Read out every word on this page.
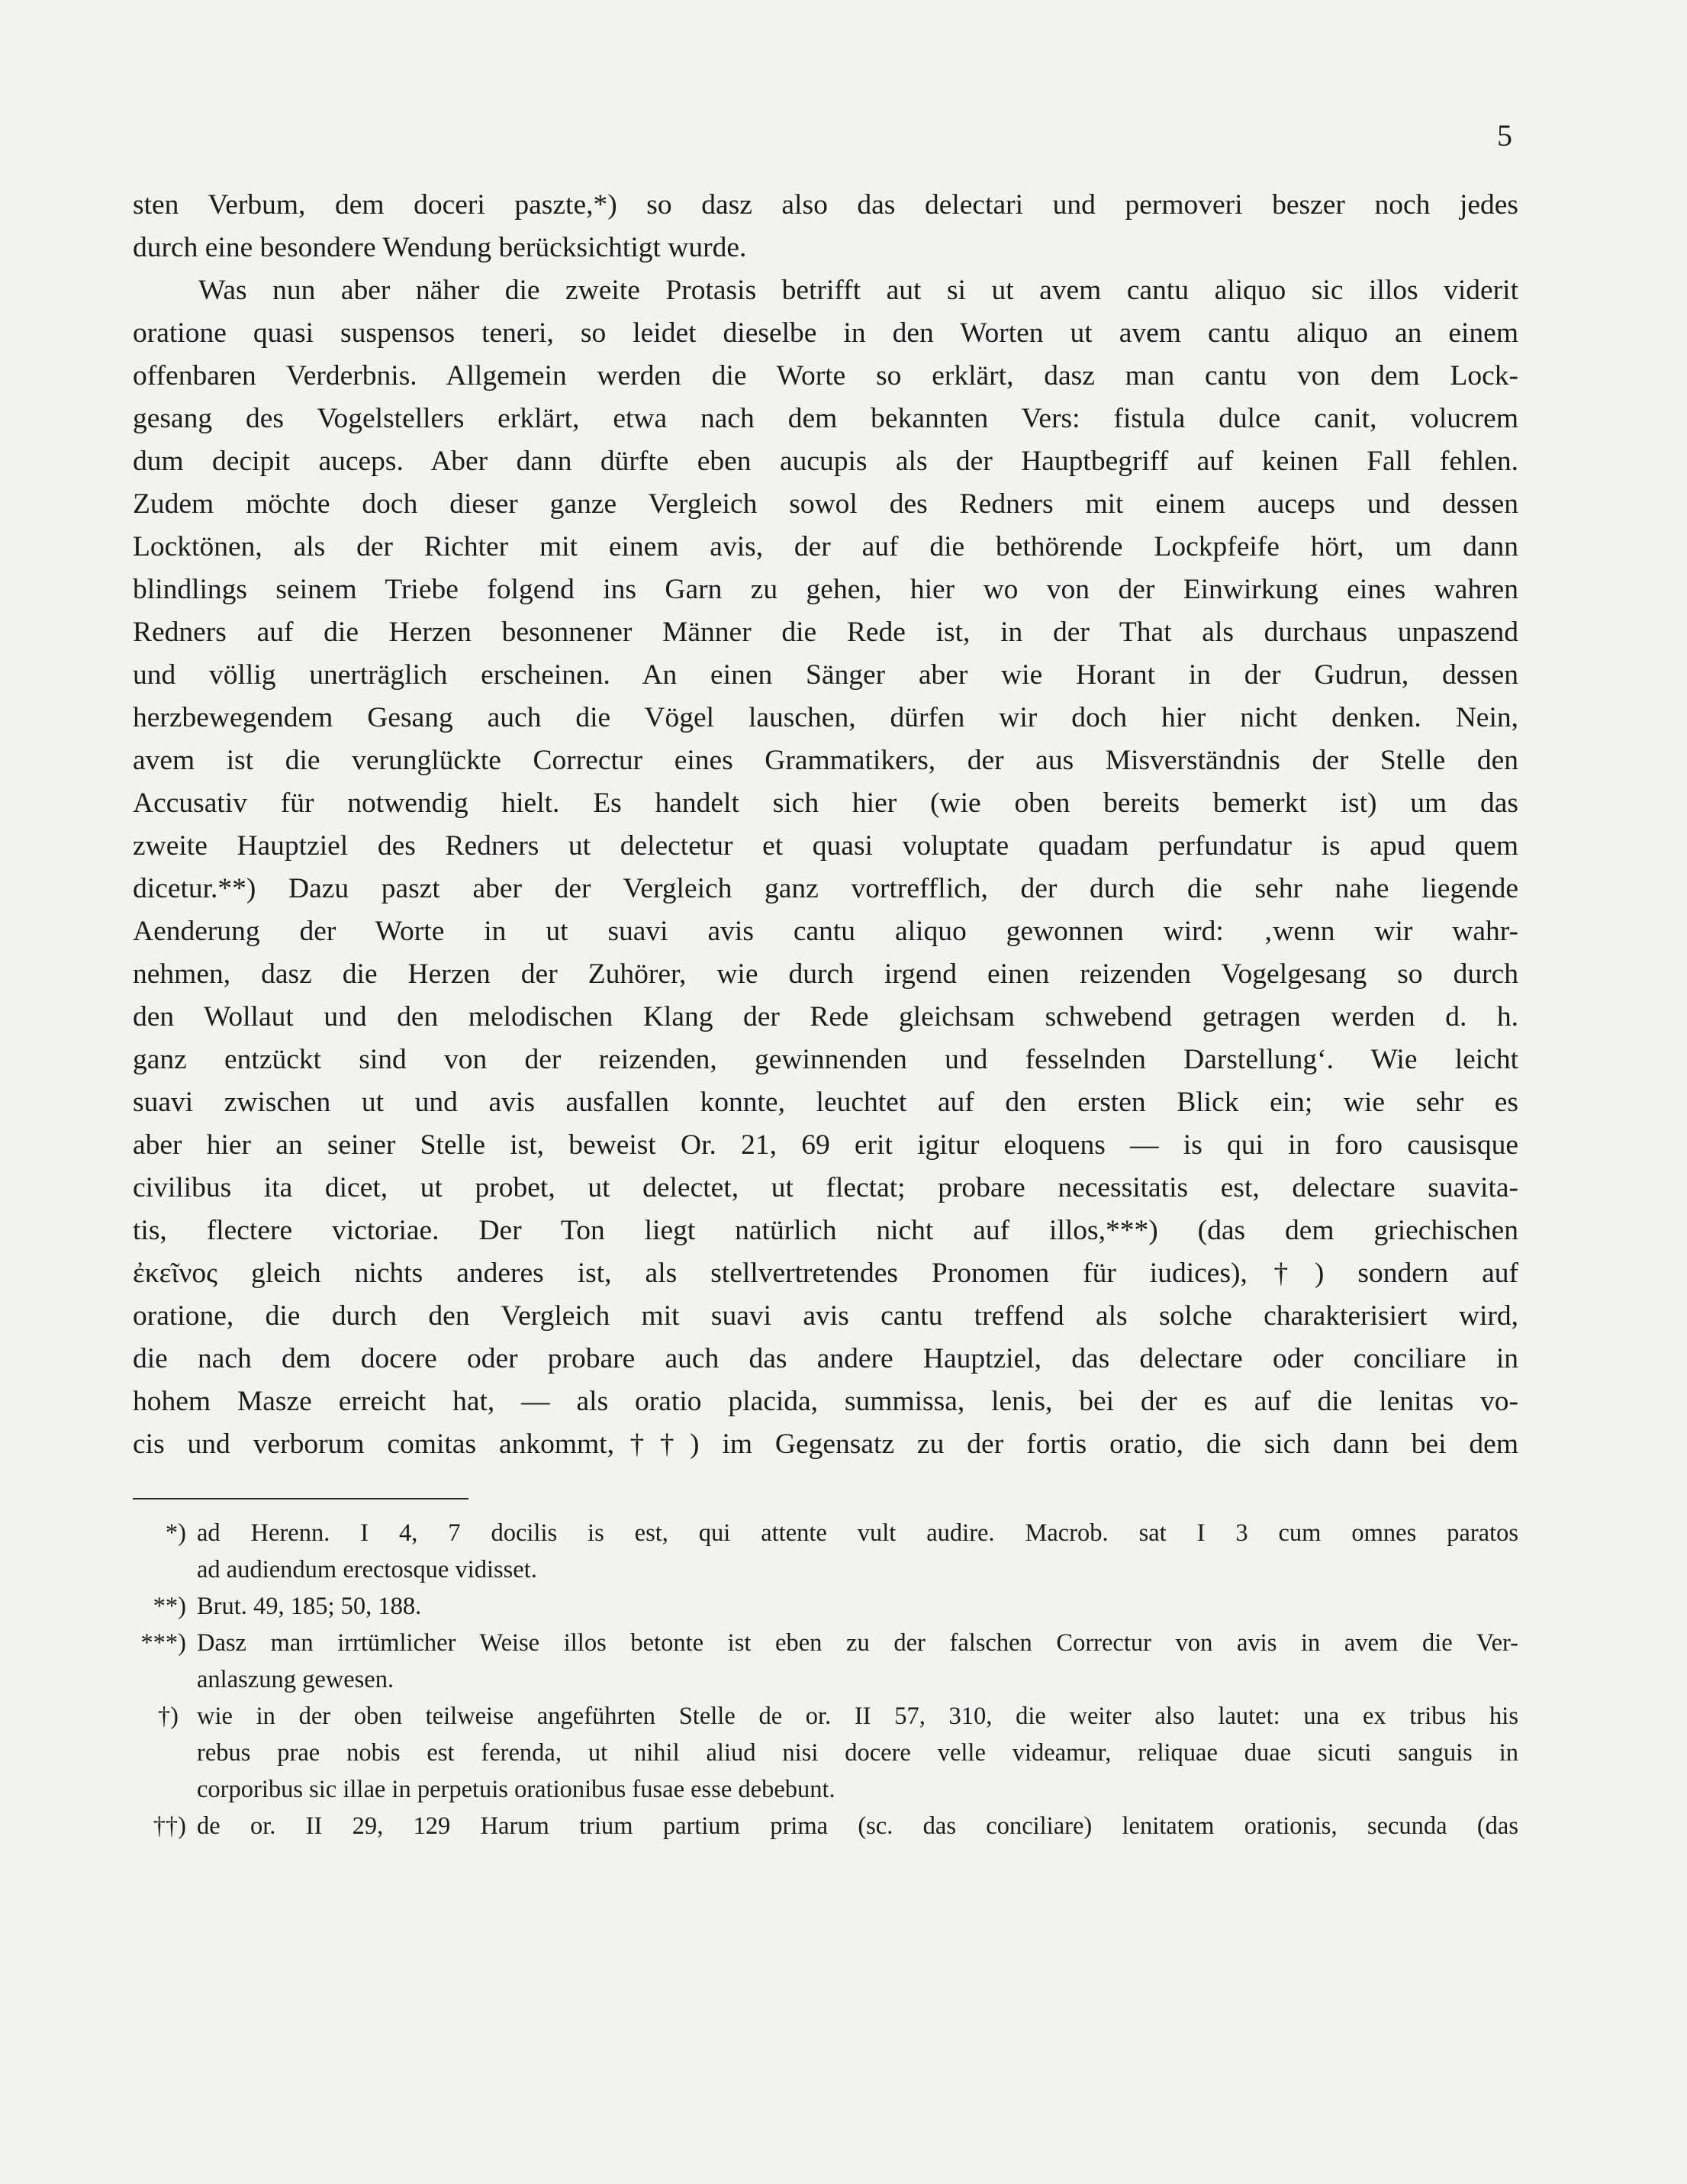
5
sten Verbum, dem doceri paszte,*) so dasz also das delectari und permoveri beszer noch jedes
durch eine besondere Wendung berücksichtigt wurde.
Was nun aber näher die zweite Protasis betrifft aut si ut avem cantu aliquo sic illos viderit
oratione quasi suspensos teneri, so leidet dieselbe in den Worten ut avem cantu aliquo an einem
offenbaren Verderbnis. Allgemein werden die Worte so erklärt, dasz man cantu von dem Lock-
gesang des Vogelstellers erklärt, etwa nach dem bekannten Vers: fistula dulce canit, volucrem
dum decipit auceps. Aber dann dürfte eben aucupis als der Hauptbegriff auf keinen Fall fehlen.
Zudem möchte doch dieser ganze Vergleich sowol des Redners mit einem auceps und dessen
Locktönen, als der Richter mit einem avis, der auf die bethörende Lockpfeife hört, um dann
blindlings seinem Triebe folgend ins Garn zu gehen, hier wo von der Einwirkung eines wahren
Redners auf die Herzen besonnener Männer die Rede ist, in der That als durchaus unpaszend
und völlig unerträglich erscheinen. An einen Sänger aber wie Horant in der Gudrun, dessen
herzbewegendem Gesang auch die Vögel lauschen, dürfen wir doch hier nicht denken. Nein,
avem ist die verunglückte Correctur eines Grammatikers, der aus Misverständnis der Stelle den
Accusativ für notwendig hielt. Es handelt sich hier (wie oben bereits bemerkt ist) um das
zweite Hauptziel des Redners ut delectetur et quasi voluptate quadam perfundatur is apud quem
dicetur.**) Dazu paszt aber der Vergleich ganz vortrefflich, der durch die sehr nahe liegende
Aenderung der Worte in ut suavi avis cantu aliquo gewonnen wird: ‚wenn wir wahr-
nehmen, dasz die Herzen der Zuhörer, wie durch irgend einen reizenden Vogelgesang so durch
den Wollaut und den melodischen Klang der Rede gleichsam schwebend getragen werden d. h.
ganz entzückt sind von der reizenden, gewinnenden und fesselnden Darstellung‘. Wie leicht
suavi zwischen ut und avis ausfallen konnte, leuchtet auf den ersten Blick ein; wie sehr es
aber hier an seiner Stelle ist, beweist Or. 21, 69 erit igitur eloquens — is qui in foro causisque
civilibus ita dicet, ut probet, ut delectet, ut flectat; probare necessitatis est, delectare suavita-
tis, flectere victoriae. Der Ton liegt natürlich nicht auf illos,***) (das dem griechischen
ἐκεῖνος gleich nichts anderes ist, als stellvertretendes Pronomen für iudices),†) sondern auf
oratione, die durch den Vergleich mit suavi avis cantu treffend als solche charakterisiert wird,
die nach dem docere oder probare auch das andere Hauptziel, das delectare oder conciliare in
hohem Masze erreicht hat, — als oratio placida, summissa, lenis, bei der es auf die lenitas vo-
cis und verborum comitas ankommt,††) im Gegensatz zu der fortis oratio, die sich dann bei dem
*)
**)
***)
†)
††)
ad Herenn. I 4, 7 docilis is est, qui attente vult audire. Macrob. sat I 3 cum omnes paratos
ad audiendum erectosque vidisset.
Brut. 49, 185; 50, 188.
Dasz man irrtümlicher Weise illos betonte ist eben zu der falschen Correctur von avis in avem die Ver-
anlaszung gewesen.
wie in der oben teilweise angeführten Stelle de or. II 57, 310, die weiter also lautet: una ex tribus his
rebus prae nobis est ferenda, ut nihil aliud nisi docere velle videamur, reliquae duae sicuti sanguis in
corporibus sic illae in perpetuis orationibus fusae esse debebunt.
de or. II 29, 129 Harum trium partium prima (sc. das conciliare) lenitatem orationis, secunda (das
